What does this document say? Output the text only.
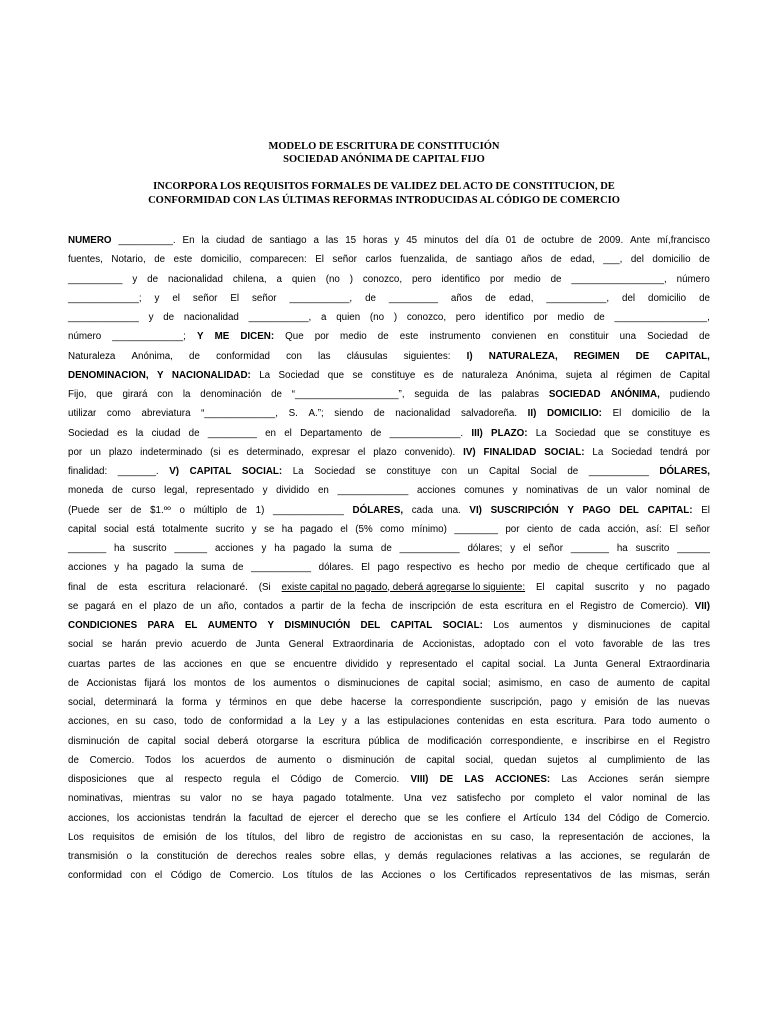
MODELO DE ESCRITURA DE CONSTITUCIÓN
SOCIEDAD ANÓNIMA DE CAPITAL FIJO
INCORPORA LOS REQUISITOS FORMALES DE VALIDEZ DEL ACTO DE CONSTITUCION, DE
CONFORMIDAD CON LAS ÚLTIMAS REFORMAS INTRODUCIDAS AL CÓDIGO DE COMERCIO
NUMERO __________. En la ciudad de santiago a las 15 horas y 45 minutos del día 01 de octubre de 2009. Ante mí,francisco
fuentes, Notario, de este domicilio, comparecen: El señor carlos fuenzalida, de santiago años de edad, ___, del domicilio de
__________ y de nacionalidad chilena, a quien (no ) conozco, pero identifico por medio de _________________, número
_____________; y el señor El señor ___________, de _________ años de edad, ___________, del domicilio de
_____________ y de nacionalidad ___________, a quien (no ) conozco, pero identifico por medio de _________________,
número _____________; Y ME DICEN: Que por medio de este instrumento convienen en constituir una Sociedad de
Naturaleza Anónima, de conformidad con las cláusulas siguientes: I) NATURALEZA, REGIMEN DE CAPITAL,
DENOMINACION, Y NACIONALIDAD: La Sociedad que se constituye es de naturaleza Anónima, sujeta al régimen de Capital
Fijo, que girará con la denominación de “___________________”, seguida de las palabras SOCIEDAD ANÓNIMA, pudiendo
utilizar como abreviatura “_____________, S. A.”; siendo de nacionalidad salvadoreña. II) DOMICILIO: El domicilio de la
Sociedad es la ciudad de _________ en el Departamento de _____________. III) PLAZO: La Sociedad que se constituye es
por un plazo indeterminado (si es determinado, expresar el plazo convenido). IV) FINALIDAD SOCIAL: La Sociedad tendrá por
finalidad: _______. V) CAPITAL SOCIAL: La Sociedad se constituye con un Capital Social de ___________ DÓLARES,
moneda de curso legal, representado y dividido en _____________ acciones comunes y nominativas de un valor nominal de
(Puede ser de $1.ºº o múltiplo de 1) _____________ DÓLARES, cada una. VI) SUSCRIPCIÓN Y PAGO DEL CAPITAL: El
capital social está totalmente sucrito y se ha pagado el (5% como mínimo) ________ por ciento de cada acción, así: El señor
_______ ha suscrito ______ acciones y ha pagado la suma de ___________ dólares; y el señor _______ ha suscrito ______
acciones y ha pagado la suma de ___________ dólares. El pago respectivo es hecho por medio de cheque certificado que al
final de esta escritura relacionaré. (Si existe capital no pagado, deberá agregarse lo siguiente: El capital suscrito y no pagado
se pagará en el plazo de un año, contados a partir de la fecha de inscripción de esta escritura en el Registro de Comercio). VII)
CONDICIONES PARA EL AUMENTO Y DISMINUCIÓN DEL CAPITAL SOCIAL: Los aumentos y disminuciones de capital
social se harán previo acuerdo de Junta General Extraordinaria de Accionistas, adoptado con el voto favorable de las tres
cuartas partes de las acciones en que se encuentre dividido y representado el capital social. La Junta General Extraordinaria
de Accionistas fijará los montos de los aumentos o disminuciones de capital social; asimismo, en caso de aumento de capital
social, determinará la forma y términos en que debe hacerse la correspondiente suscripción, pago y emisión de las nuevas
acciones, en su caso, todo de conformidad a la Ley y a las estipulaciones contenidas en esta escritura. Para todo aumento o
disminución de capital social deberá otorgarse la escritura pública de modificación correspondiente, e inscribirse en el Registro
de Comercio. Todos los acuerdos de aumento o disminución de capital social, quedan sujetos al cumplimiento de las
disposiciones que al respecto regula el Código de Comercio. VIII) DE LAS ACCIONES: Las Acciones serán siempre
nominativas, mientras su valor no se haya pagado totalmente. Una vez satisfecho por completo el valor nominal de las
acciones, los accionistas tendrán la facultad de ejercer el derecho que se les confiere el Artículo 134 del Código de Comercio.
Los requisitos de emisión de los títulos, del libro de registro de accionistas en su caso, la representación de acciones, la
transmisión o la constitución de derechos reales sobre ellas, y demás regulaciones relativas a las acciones, se regularán de
conformidad con el Código de Comercio. Los títulos de las Acciones o los Certificados representativos de las mismas, serán
